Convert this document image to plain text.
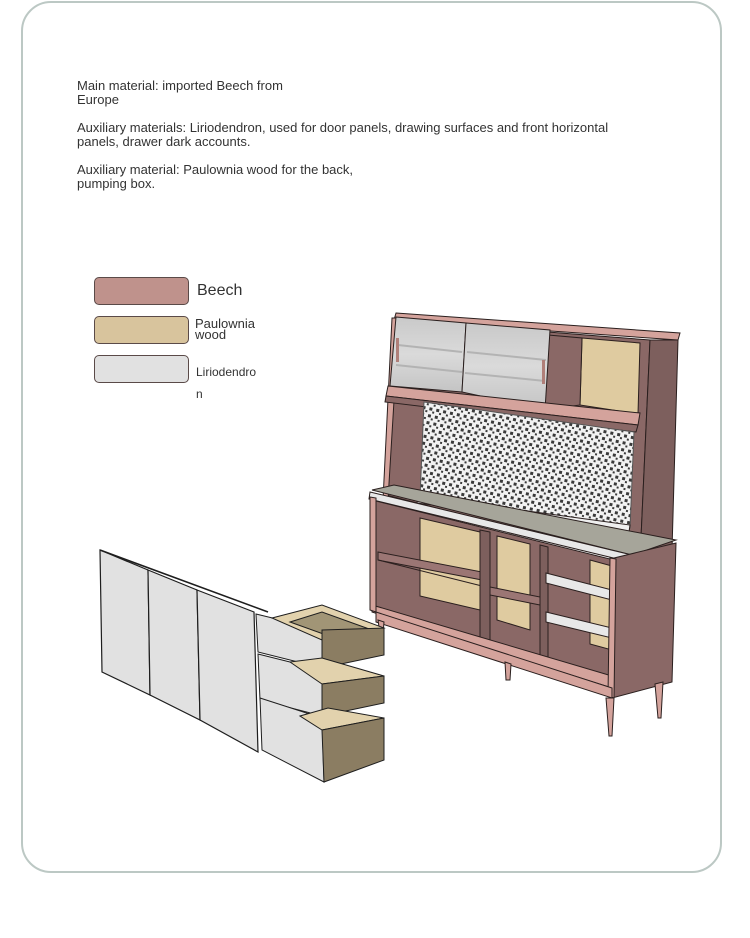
Main material: imported Beech from
Europe

Auxiliary materials: Liriodendron, used for door panels, drawing surfaces and front horizontal
panels, drawer dark accounts.

Auxiliary material: Paulownia wood for the back,
pumping box.

Beech
Paulownia
wood
Liriodendro
n
